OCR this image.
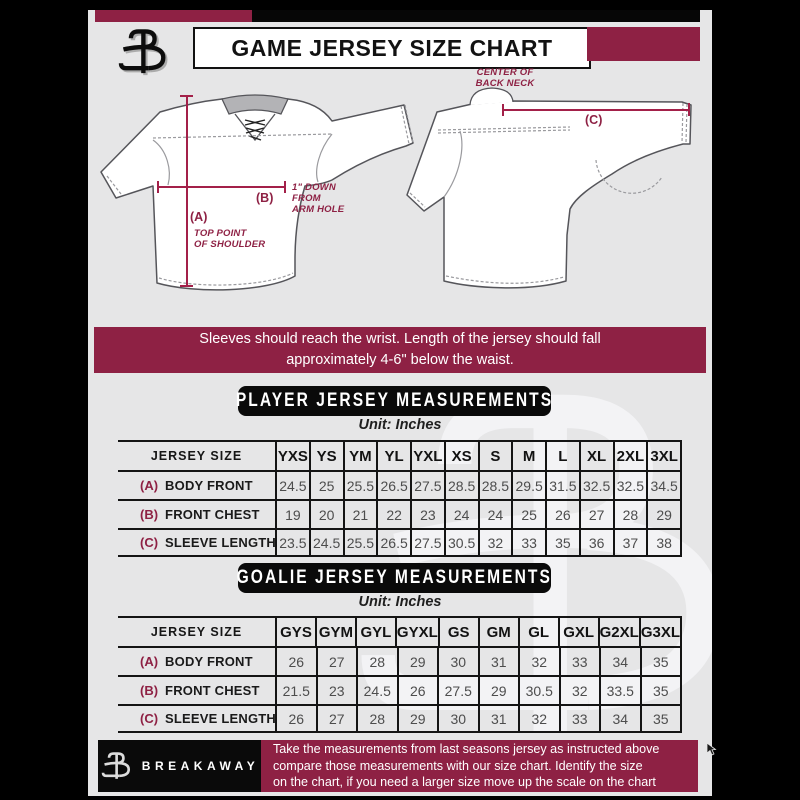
GAME JERSEY SIZE CHART
(A)
TOP POINT
OF SHOULDER
(B)
1" DOWN
FROM
ARM HOLE
(C)
CENTER OF
BACK NECK
Sleeves should reach the wrist. Length of the jersey should fall
approximately 4-6" below the waist.
PLAYER JERSEY MEASUREMENTS
Unit: Inches
JERSEY SIZE	YXS YS YM YL YXL XS	S	M	L	XL 2XL 3XL
(A) BODY FRONT	24.5 25 25.5 26.5 27.5 28.5 28.5 29.5 31.5 32.5 32.5 34.5
(B) FRONT CHEST	19	20	21	22	23	24	24	25	26	27	28	29
(C) SLEEVE LENGTH 23.5 24.5 25.5 26.5 27.5 30.5 32	33	35	36	37	38
GOALIE JERSEY MEASUREMENTS
Unit: Inches
JERSEY SIZE	GYS GYM GYL GYXL GS	GM	GL GXL G2XL G3XL
(A) BODY FRONT	26	27	28	29	30	31	32	33	34	35
(B) FRONT CHEST	21.5	23	24.5	26	27.5	29	30.5	32	33.5	35
(C) SLEEVE LENGTH 26	27	28	29	30	31	32	33	34	35
BREAKAWAY
Take the measurements from last seasons jersey as instructed above
compare those measurements with our size chart. Identify the size
on the chart, if you need a larger size move up the scale on the chart
